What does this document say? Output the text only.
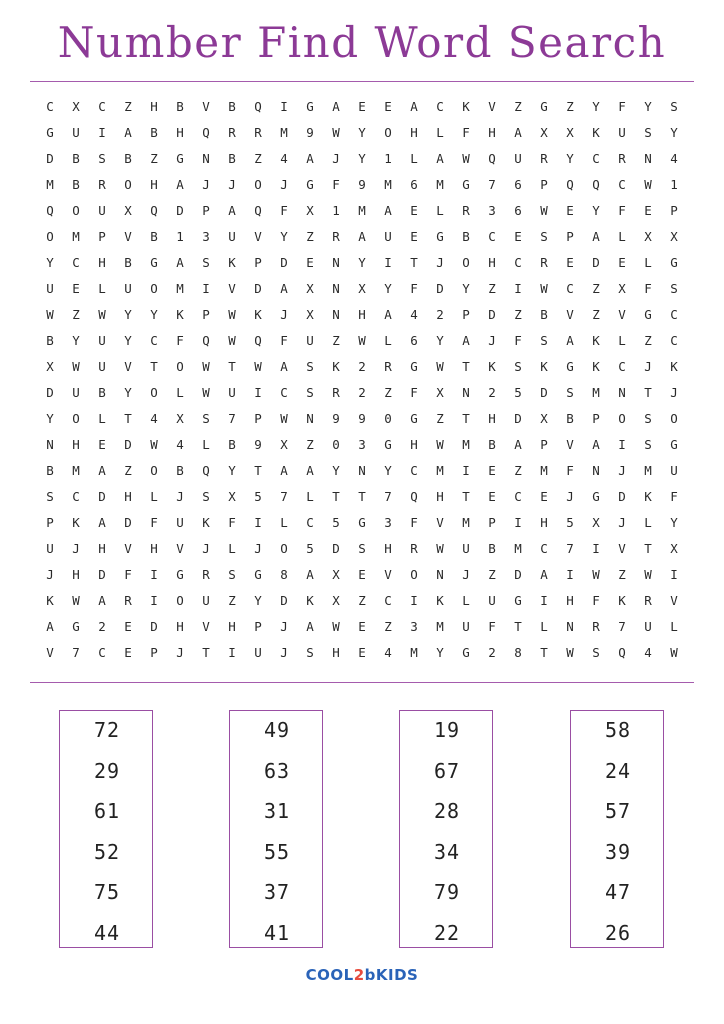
Number Find Word Search
C	X	C	Z	H	B	V	B	Q	I	G	A	E	E	A	C	K	V	Z	G	Z	Y	F	Y	S
G	U	I	A	B	H	Q	R	R	M	9	W	Y	O	H	L	F	H	A	X	X	K	U	S	Y
D	B	S	B	Z	G	N	B	Z	4	A	J	Y	1	L	A	W	Q	U	R	Y	C	R	N	4
M	B	R	O	H	A	J	J	O	J	G	F	9	M	6	M	G	7	6	P	Q	Q	C	W	1
Q	O	U	X	Q	D	P	A	Q	F	X	1	M	A	E	L	R	3	6	W	E	Y	F	E	P
O	M	P	V	B	1	3	U	V	Y	Z	R	A	U	E	G	B	C	E	S	P	A	L	X	X
Y	C	H	B	G	A	S	K	P	D	E	N	Y	I	T	J	O	H	C	R	E	D	E	L	G
U	E	L	U	O	M	I	V	D	A	X	N	X	Y	F	D	Y	Z	I	W	C	Z	X	F	S
W	Z	W	Y	Y	K	P	W	K	J	X	N	H	A	4	2	P	D	Z	B	V	Z	V	G	C
B	Y	U	Y	C	F	Q	W	Q	F	U	Z	W	L	6	Y	A	J	F	S	A	K	L	Z	C
X	W	U	V	T	O	W	T	W	A	S	K	2	R	G	W	T	K	S	K	G	K	C	J	K
D	U	B	Y	O	L	W	U	I	C	S	R	2	Z	F	X	N	2	5	D	S	M	N	T	J
Y	O	L	T	4	X	S	7	P	W	N	9	9	0	G	Z	T	H	D	X	B	P	O	S	O
N	H	E	D	W	4	L	B	9	X	Z	0	3	G	H	W	M	B	A	P	V	A	I	S	G
B	M	A	Z	O	B	Q	Y	T	A	A	Y	N	Y	C	M	I	E	Z	M	F	N	J	M	U
S	C	D	H	L	J	S	X	5	7	L	T	T	7	Q	H	T	E	C	E	J	G	D	K	F
P	K	A	D	F	U	K	F	I	L	C	5	G	3	F	V	M	P	I	H	5	X	J	L	Y
U	J	H	V	H	V	J	L	J	O	5	D	S	H	R	W	U	B	M	C	7	I	V	T	X
J	H	D	F	I	G	R	S	G	8	A	X	E	V	O	N	J	Z	D	A	I	W	Z	W	I
K	W	A	R	I	O	U	Z	Y	D	K	X	Z	C	I	K	L	U	G	I	H	F	K	R	V
A	G	2	E	D	H	V	H	P	J	A	W	E	Z	3	M	U	F	T	L	N	R	7	U	L
V	7	C	E	P	J	T	I	U	J	S	H	E	4	M	Y	G	2	8	T	W	S	Q	4	W
72
29
61
52
75
44
49
63
31
55
37
41
19
67
28
34
79
22
58
24
57
39
47
26
COOL2bKIDS
